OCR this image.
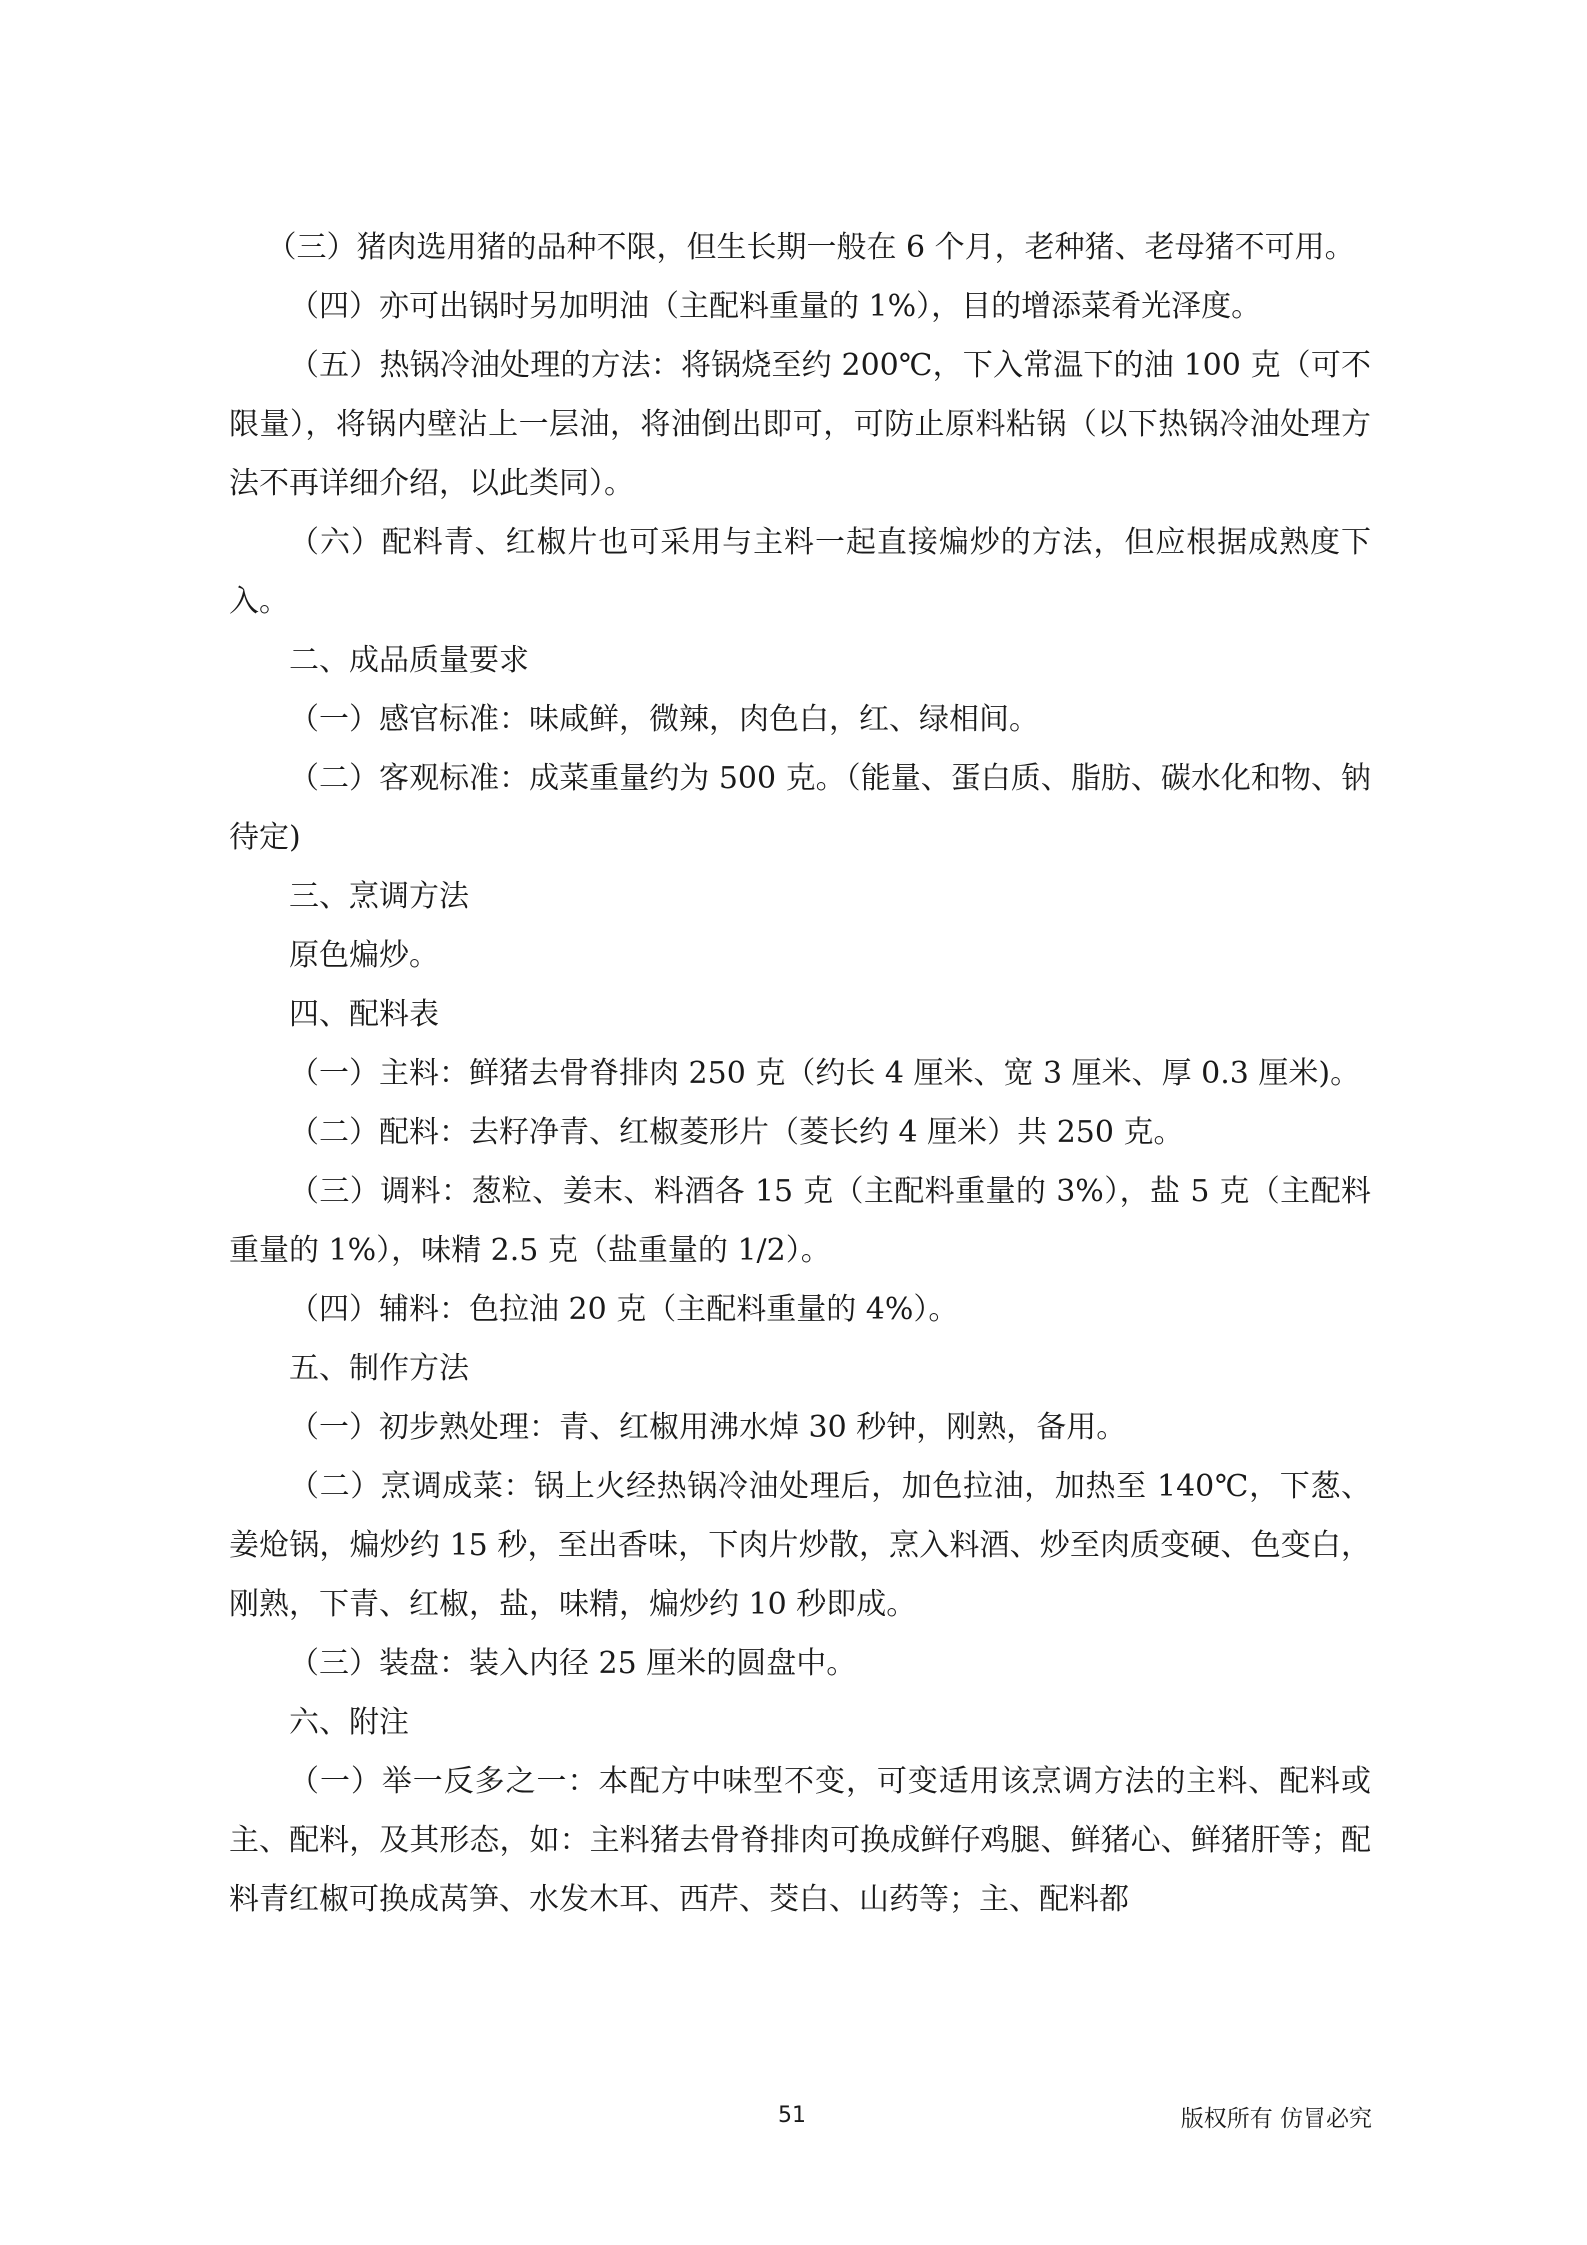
（三）猪肉选用猪的品种不限，但生长期一般在 6 个月，老种猪、老母猪不可用。

（四）亦可出锅时另加明油（主配料重量的 1%），目的增添菜肴光泽度。

（五）热锅冷油处理的方法：将锅烧至约 200℃，下入常温下的油 100 克（可不限量），将锅内壁沾上一层油，将油倒出即可，可防止原料粘锅（以下热锅冷油处理方法不再详细介绍，以此类同）。

（六）配料青、红椒片也可采用与主料一起直接煸炒的方法，但应根据成熟度下入。

二、成品质量要求

（一）感官标准：味咸鲜，微辣，肉色白，红、绿相间。

（二）客观标准：成菜重量约为 500 克。（能量、蛋白质、脂肪、碳水化和物、钠待定)

三、烹调方法

原色煸炒。

四、配料表

（一）主料：鲜猪去骨脊排肉 250 克（约长 4 厘米、宽 3 厘米、厚 0.3 厘米)。

（二）配料：去籽净青、红椒菱形片（菱长约 4 厘米）共 250 克。

（三）调料：葱粒、姜末、料酒各 15 克（主配料重量的 3%），盐 5 克（主配料重量的 1%），味精 2.5 克（盐重量的 1/2）。

（四）辅料：色拉油 20 克（主配料重量的 4%）。

五、制作方法

（一）初步熟处理：青、红椒用沸水焯 30 秒钟，刚熟，备用。

（二）烹调成菜：锅上火经热锅冷油处理后，加色拉油，加热至 140℃，下葱、姜炝锅，煸炒约 15 秒，至出香味，下肉片炒散，烹入料酒、炒至肉质变硬、色变白，刚熟，下青、红椒，盐，味精，煸炒约 10 秒即成。

（三）装盘：装入内径 25 厘米的圆盘中。

六、附注

（一）举一反多之一：本配方中味型不变，可变适用该烹调方法的主料、配料或主、配料，及其形态，如：主料猪去骨脊排肉可换成鲜仔鸡腿、鲜猪心、鲜猪肝等；配料青红椒可换成莴笋、水发木耳、西芹、茭白、山药等；主、配料都

51	版权所有 仿冒必究
